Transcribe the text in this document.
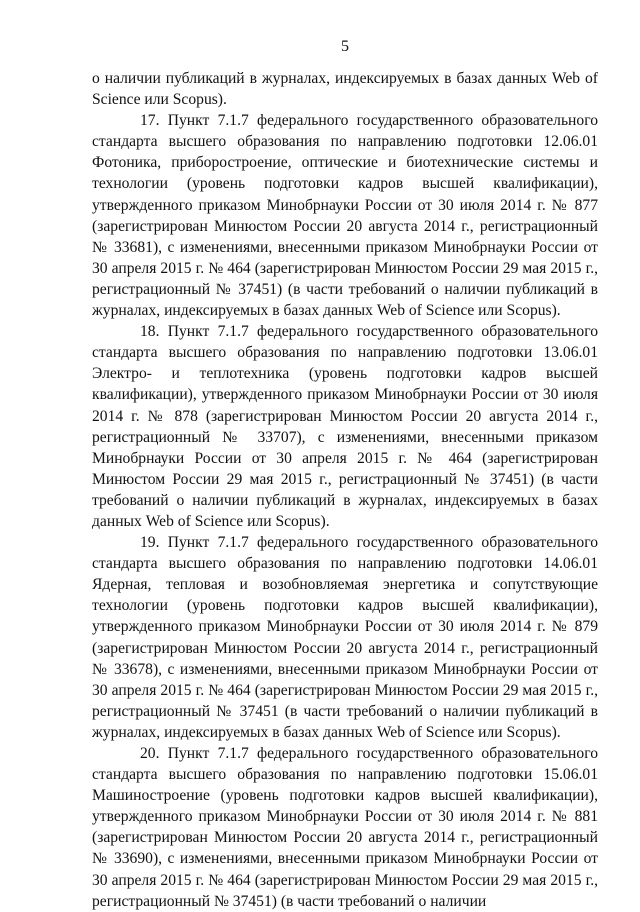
5

о наличии публикаций в журналах, индексируемых в базах данных Web of Science или Scopus).

17. Пункт 7.1.7 федерального государственного образовательного стандарта высшего образования по направлению подготовки 12.06.01 Фотоника, приборостроение, оптические и биотехнические системы и технологии (уровень подготовки кадров высшей квалификации), утвержденного приказом Минобрнауки России от 30 июля 2014 г. № 877 (зарегистрирован Минюстом России 20 августа 2014 г., регистрационный № 33681), с изменениями, внесенными приказом Минобрнауки России от 30 апреля 2015 г. № 464 (зарегистрирован Минюстом России 29 мая 2015 г., регистрационный № 37451) (в части требований о наличии публикаций в журналах, индексируемых в базах данных Web of Science или Scopus).

18. Пункт 7.1.7 федерального государственного образовательного стандарта высшего образования по направлению подготовки 13.06.01 Электро- и теплотехника (уровень подготовки кадров высшей квалификации), утвержденного приказом Минобрнауки России от 30 июля 2014 г. № 878 (зарегистрирован Минюстом России 20 августа 2014 г., регистрационный № 33707), с изменениями, внесенными приказом Минобрнауки России от 30 апреля 2015 г. № 464 (зарегистрирован Минюстом России 29 мая 2015 г., регистрационный № 37451) (в части требований о наличии публикаций в журналах, индексируемых в базах данных Web of Science или Scopus).

19. Пункт 7.1.7 федерального государственного образовательного стандарта высшего образования по направлению подготовки 14.06.01 Ядерная, тепловая и возобновляемая энергетика и сопутствующие технологии (уровень подготовки кадров высшей квалификации), утвержденного приказом Минобрнауки России от 30 июля 2014 г. № 879 (зарегистрирован Минюстом России 20 августа 2014 г., регистрационный № 33678), с изменениями, внесенными приказом Минобрнауки России от 30 апреля 2015 г. № 464 (зарегистрирован Минюстом России 29 мая 2015 г., регистрационный № 37451 (в части требований о наличии публикаций в журналах, индексируемых в базах данных Web of Science или Scopus).

20. Пункт 7.1.7 федерального государственного образовательного стандарта высшего образования по направлению подготовки 15.06.01 Машиностроение (уровень подготовки кадров высшей квалификации), утвержденного приказом Минобрнауки России от 30 июля 2014 г. № 881 (зарегистрирован Минюстом России 20 августа 2014 г., регистрационный № 33690), с изменениями, внесенными приказом Минобрнауки России от 30 апреля 2015 г. № 464 (зарегистрирован Минюстом России 29 мая 2015 г., регистрационный № 37451) (в части требований о наличии
